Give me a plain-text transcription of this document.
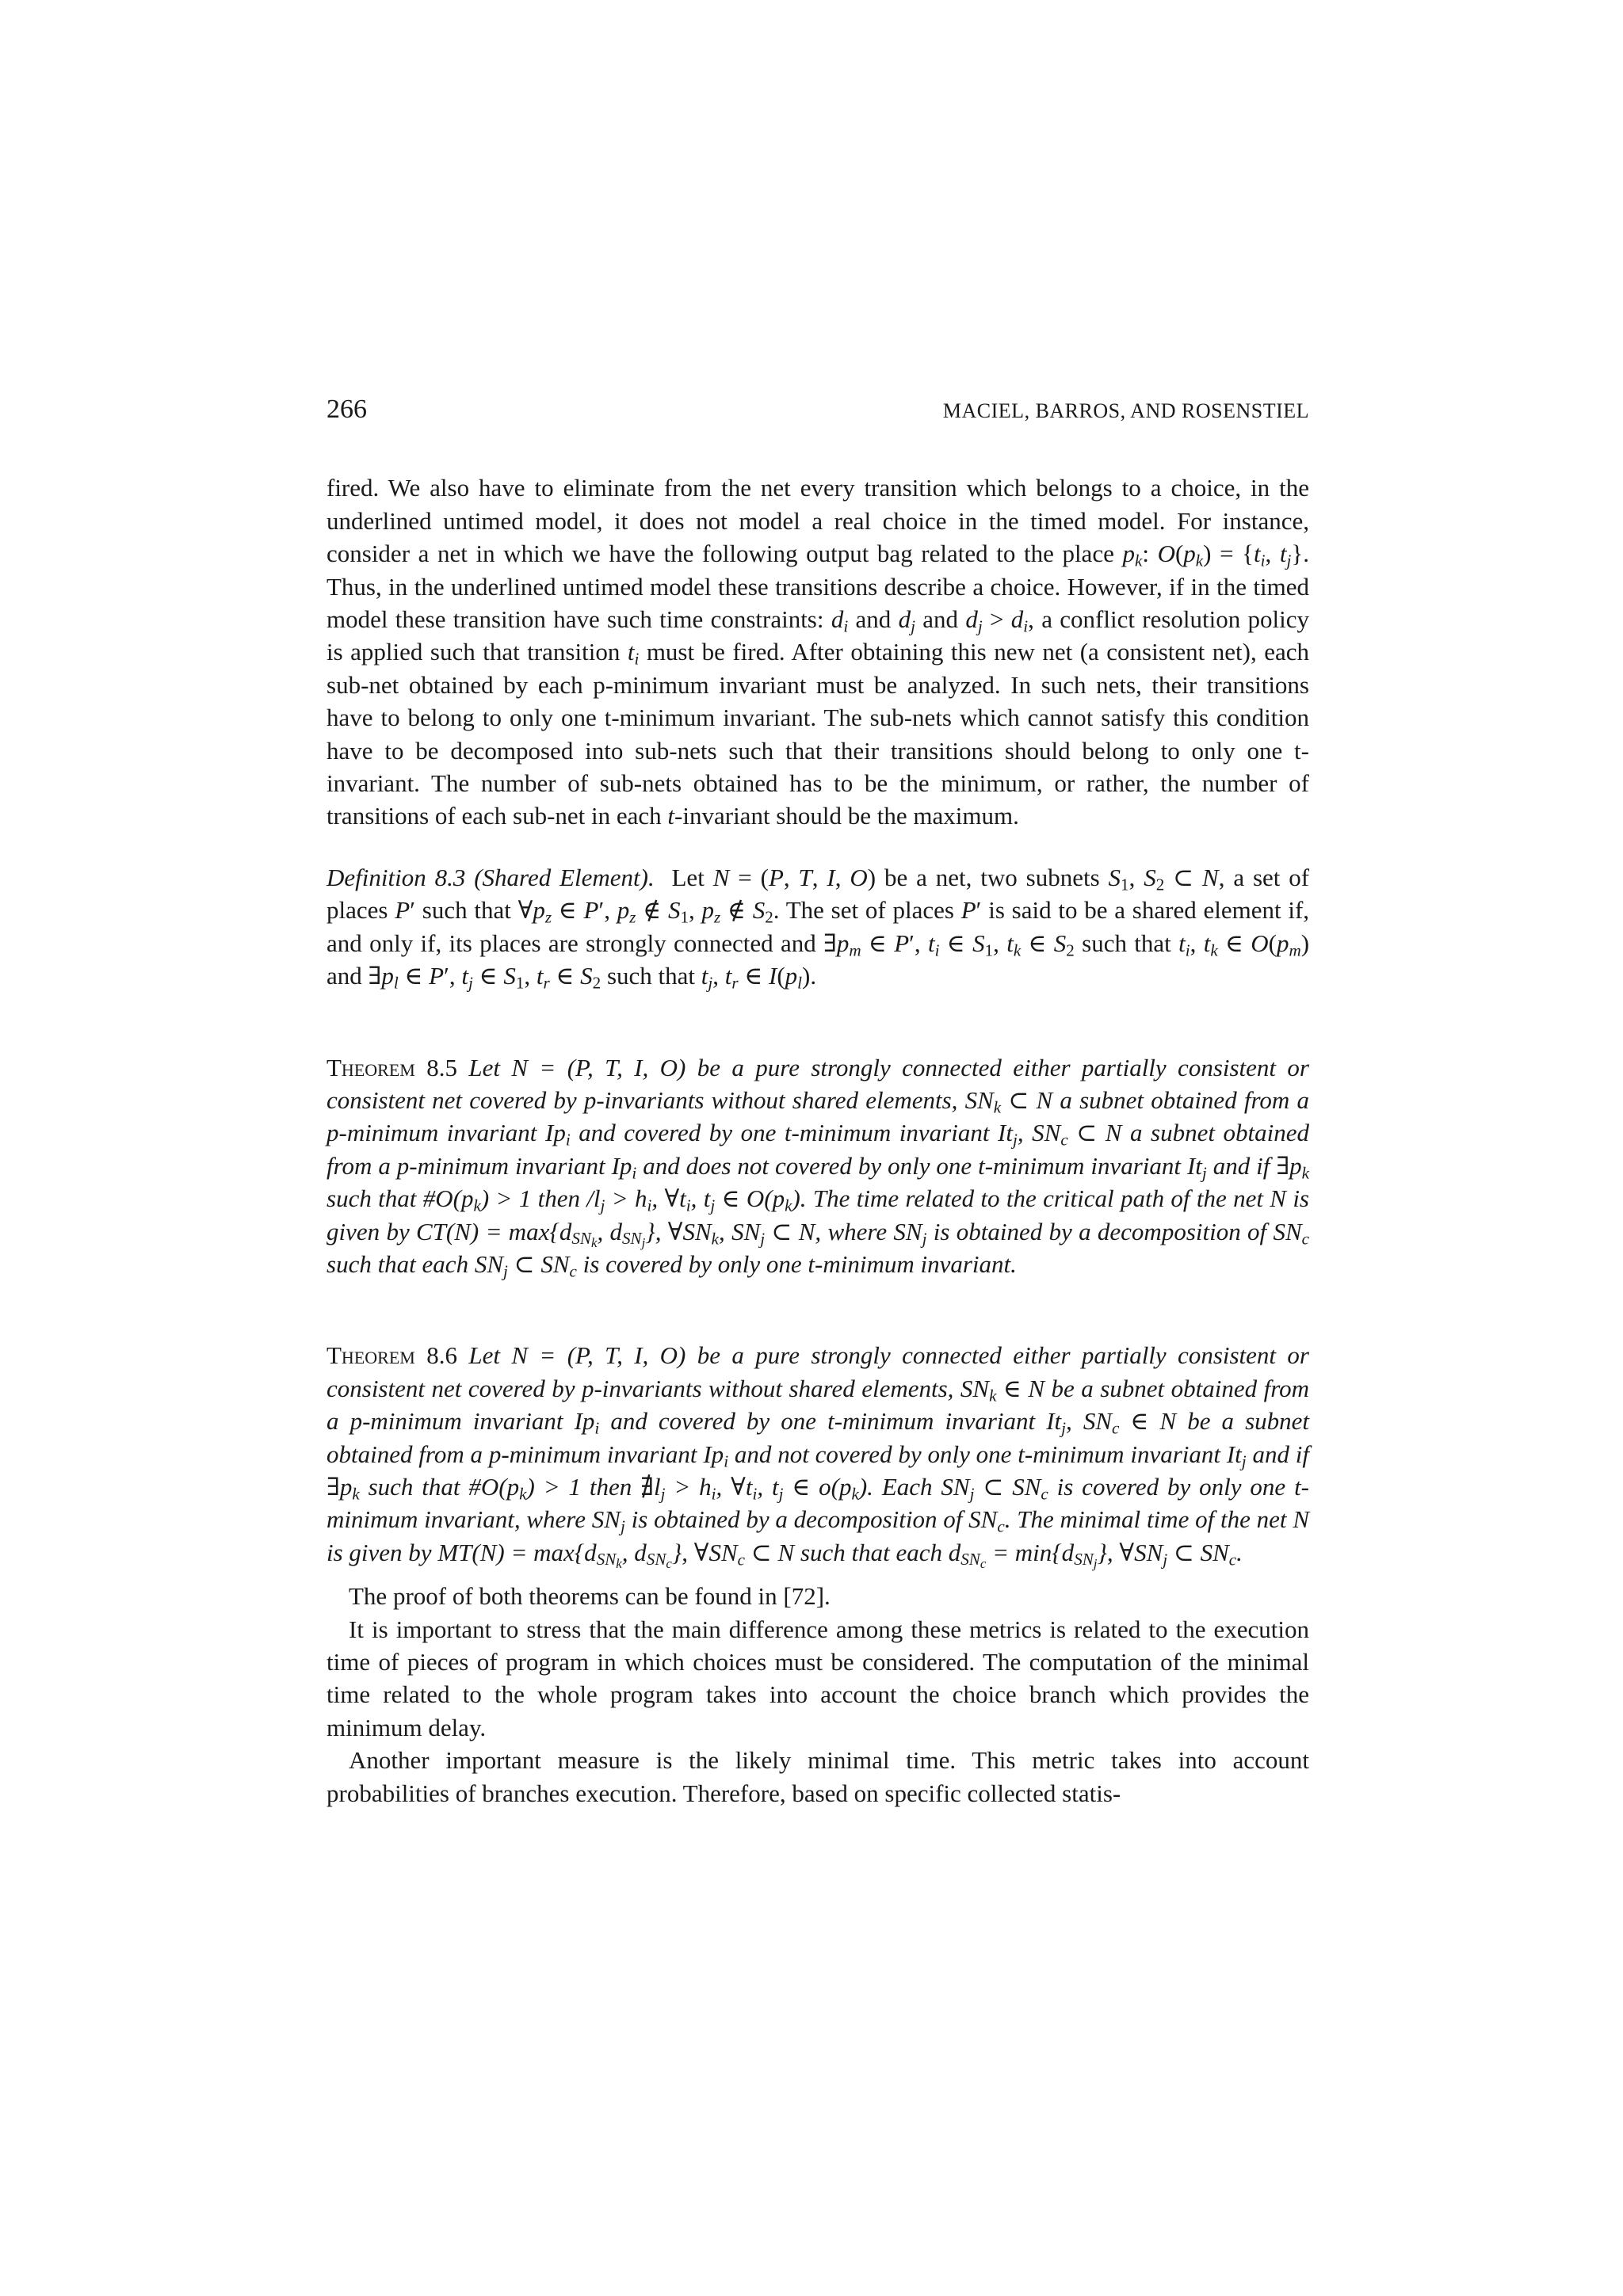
266	MACIEL, BARROS, AND ROSENSTIEL

fired. We also have to eliminate from the net every transition which belongs to a choice, in the underlined untimed model, it does not model a real choice in the timed model. For instance, consider a net in which we have the following output bag related to the place $p_k$: $O(p_k) = \{t_i$, $t_j$}. Thus, in the underlined untimed model these transitions describe a choice. However, if in the timed model these transition have such time constraints: $d_i$ and $d_j$ and $d_j > d_i$, a conflict resolution policy is applied such that transition $t_i$ must be fired. After obtaining this new net (a consistent net), each sub-net obtained by each p-minimum invariant must be analyzed. In such nets, their transitions have to belong to only one t-minimum invariant. The sub-nets which cannot satisfy this condition have to be decomposed into sub-nets such that their transitions should belong to only one t-invariant. The number of sub-nets obtained has to be the minimum, or rather, the number of transitions of each sub-net in each t-invariant should be the maximum.

Definition 8.3 (Shared Element). Let N = (P, T, I, O) be a net, two subnets $S_1$, $S_2$ ⊂ N, a set of places P′ such that $\forall p_z$ ∈ P′, $p_z$ ∉ $S_1$, $p_z$ ∉ $S_2$. The set of places P′ is said to be a shared element if, and only if, its places are strongly connected and $\exists p_m$ ∈ P′, $t_i$ ∈ $S_1$, $t_k$ ∈ $S_2$ such that $t_i$, $t_k$ ∈ $O(p_m)$ and $\exists p_l$ ∈ P′, $t_j$ ∈ $S_1$, $t_r$ ∈ $S_2$ such that $t_j$, $t_r$ ∈ $I(p_l)$.

Theorem 8.5 Let N = (P, T, I, O) be a pure strongly connected either partially consistent or consistent net covered by p-invariants without shared elements, $SN_k$ ⊂ N a subnet obtained from a p-minimum invariant $Ip_i$ and covered by one t-minimum invariant $It_j$, $SN_c$ ⊂ N a subnet obtained from a p-minimum invariant $Ip_i$ and does not covered by only one t-minimum invariant $It_j$ and if $\exists p_k$ such that $\#O(p_k) > 1$ then $/l_j > h_i$, $\forall t_i$, $t_j$ ∈ $O(p_k)$. The time related to the critical path of the net N is given by $CT(N) = \max\{d_{SN_k}$, $d_{SN_j}$}, $\forall SN_k$, $SN_j$ ⊂ N, where $SN_j$ is obtained by a decomposition of $SN_c$ such that each $SN_j$ ⊂ $SN_c$ is covered by only one t-minimum invariant.

Theorem 8.6 Let N = (P, T, I, O) be a pure strongly connected either partially consistent or consistent net covered by p-invariants without shared elements, $SN_k$ ∈ N be a subnet obtained from a p-minimum invariant $Ip_i$ and covered by one t-minimum invariant $It_j$, $SN_c$ ∈ N be a subnet obtained from a p-minimum invariant $Ip_i$ and not covered by only one t-minimum invariant $It_j$ and if $\exists p_k$ such that $\#O(p_k) > 1$ then $∄l_j > h_i$, $\forall t_i$, $t_j$ ∈ $o(p_k)$. Each $SN_j$ ⊂ $SN_c$ is covered by only one t-minimum invariant, where $SN_j$ is obtained by a decomposition of $SN_c$. The minimal time of the net N is given by $MT(N) = \max\{d_{SN_k}$, $d_{SN_c}$}, $\forall SN_c$ ⊂ N such that each $d_{SN_c} = \min\{d_{SN_j}\}$, $\forall SN_j$ ⊂ $SN_c$.

The proof of both theorems can be found in [72].

It is important to stress that the main difference among these metrics is related to the execution time of pieces of program in which choices must be considered. The computation of the minimal time related to the whole program takes into account the choice branch which provides the minimum delay.

Another important measure is the likely minimal time. This metric takes into account probabilities of branches execution. Therefore, based on specific collected statis-
